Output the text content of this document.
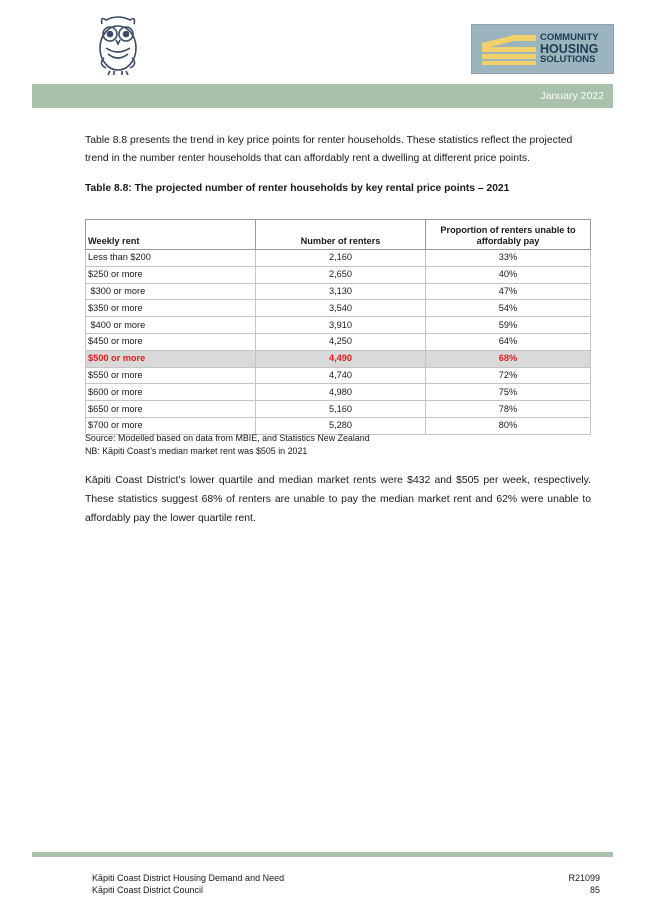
COMMUNITY
HOUSING
SOLUTIONS
January 2022

Table 8.8 presents the trend in key price points for renter households. These statistics reflect the projected trend in the number renter households that can affordably rent a dwelling at different price points.

Table 8.8: The projected number of renter households by key rental price points – 2021

Weekly rent	Number of renters	Proportion of renters unable to affordably pay
Less than $200	2,160	33%
$250 or more	2,650	40%
$300 or more	3,130	47%
$350 or more	3,540	54%
$400 or more	3,910	59%
$450 or more	4,250	64%
$500 or more	4,490	68%
$550 or more	4,740	72%
$600 or more	4,980	75%
$650 or more	5,160	78%
$700 or more	5,280	80%
Source: Modelled based on data from MBIE, and Statistics New Zealand
NB: Kāpiti Coast’s median market rent was $505 in 2021

Kāpiti Coast District’s lower quartile and median market rents were $432 and $505 per week, respectively. These statistics suggest 68% of renters are unable to pay the median market rent and 62% were unable to affordably pay the lower quartile rent.

Kāpiti Coast District Housing Demand and Need
Kāpiti Coast District Council
R21099
85
